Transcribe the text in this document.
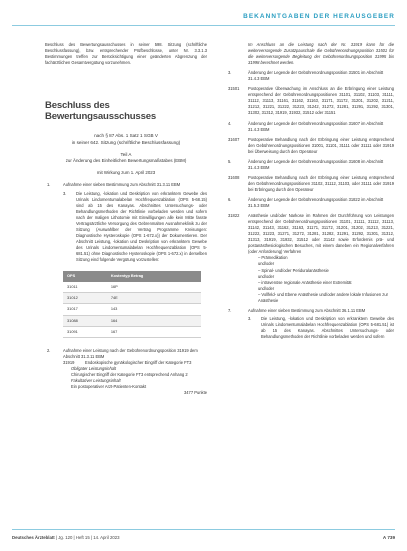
BEKANNTGABEN DER HERAUSGEBER

Beschluss des Bewertungsausschusses in seiner 598. Sitzung (schriftliche Beschlussfassung), bzw. entsprechender Prüfbeschlüsse, unter Nr. 3.3.1.3 Bestimmungen treffen zur Berücksichtigung einer geänderten Abgrenzung der fachärztlichen Gesamtvergütung vorzunehmen.

Beschluss des Bewertungsausschusses
nach § 87 Abs. 1 Satz 1 SGB V
in seiner 642. Sitzung (schriftliche Beschlussfassung)
Teil A
zur Änderung des Einheitlichen Bewertungsmaßstabes (EBM)
mit Wirkung zum 1. April 2023
1.	Aufnahme einer sieben Bestimmung zum Abschnitt 31.3.11 EBM

3. Die Leistung, -lokation und Deskription von erkranktem Gewebe des Urinals Lindomentumalabelan Hochfrequenzablation (OPS 5-68.15) sind ab 15 des Kanayas. Abschnittes Untersuchungs- oder Behandlungsmethoden der Richtlinie vorbeladen werden und sofern nach der maligen Lithotomie mit Einwilligungen alle kein Mitte fasste Vertragsärztliche Versorgung des Gebrenmalten Ausnahmeklinik zu der Sitzung (Auswahlber der Vertrag Programme Kreisungen: Diagnostische Hysteroskopie (OPS 1-672.x)) der Dokumentieren. Der Abschnitt Leistung, -lokation und Deskription von erkranktem Gewebe des Urinals Lindomentumalabelan Hochfrequenzablation (OPS 5-681.51) ohne Diagnostische Hysteroskopie (OPS 1-672.x) in derselben Sitzung eind folgende Vergütung vorzustellen:

OPS	Kostentyp Betrag
31011	16P
31012	74E
31017	143
31088	164
31091	167
2.	Aufnahme einer Leistung nach der Gebührenordnungsposition 31919 dem Abschnitt 31.3.11 EBM

31919	Endoskopische gynäkologischer Eingriff der Kategorie FT3

Obligater Leistungsinhalt

Chirurgischer Eingriff der Kategorie FT3 entsprechend Anhang 2

Fakultativer Leistungsinhalt

Ein postoperativer Arzt-Patienten-Kontakt

3477 Punkte

Im Anschluss an die Leistung nach der Nr. 31919 kann für die weiterversorgende Zusatzpauschale die Gebührenordnungsposition 31501 für die weiterversorgende Begleitung der Gebührenordnungsposition 31995 bis 31998 berechnet werden.

3.	Änderung der Legende der Gebührenordnungsposition 31501 im Abschnitt 31.4.3 EBM

31501	Postoperative Überwachung im Anschluss an die Erbringung einer Leistung entsprechend der Gebührenordnungspositionen 31101, 31102, 31103, 31111, 31112, 31113, 31161, 31162, 31163, 31171, 31172, 31201, 31202, 31211, 31212, 31221, 31222, 31223, 31242, 31272, 31281, 31291, 31292, 31301, 31302, 31312, 31919, 31932, 31512 oder 31151

4.	Änderung der Legende der Gebührenordnungsposition 31607 im Abschnitt 31.4.3 EBM

31607	Postoperative Behandlung nach der Erbringung einer Leistung entsprechend den Gebührenordnungspositionen 31001, 31101, 31111 oder 31111 oder 31919 bei Überweisung durch den Operateur

5.	Änderung der Legende der Gebührenordnungsposition 31608 im Abschnitt 31.4.3 EBM

31608	Postoperative Behandlung nach der Erbringung einer Leistung entsprechend den Gebührenordnungspositionen 31102, 31112, 31103, oder 31111 oder 31919 bei Erbringung durch den Operateur

6.	Änderung der Legende der Gebührenordnungsposition 31822 im Abschnitt 31.5.3 EBM

31822	Anästhesie und/oder Narkose im Rahmen der Durchführung von Leistungen entsprechend der Gebührenordnungspositionen 31101, 31111, 31112, 31113, 31142, 31143, 31162, 31163, 31171, 31172, 31201, 31202, 31213, 31221, 31222, 31223, 31271, 31272, 31281, 31282, 31291, 31292, 31301, 31312, 31313, 31919, 31932, 31512 oder 31142 sowie Erfordernis prä- und postanästhesiologischen Besuches, mit einem daneben ein Regionalverfahren (oder Anforderung) Verfahren

– Prämedikation

und/oder

– Spinal- und/oder Periduralanästhesie

und/oder

– intravenöse regionale Anästhesie einer Extremität

und/oder

– Vollfeld- und Ebene Anästhesie und/oder andere lokale Infusionen zur Anästhesie

7.	Aufnahme einer sieben Bestimmung zum Abschnitt 36.1.11 EBM

3. Die Leistung, -lokation und Deskription von erkranktem Gewebe des Urinals Lindomentumalabelan Hochfrequenzablation (OPS 5-681.51) ist ab 15 des Kanayas. Abschnittes Untersuchungs- oder Behandlungsmethoden der Richtlinie vorbeladen werden und sofern

Deutsches Ärzteblatt | Jg. 120 | Heft 15 | 14. April 2023	A 739
